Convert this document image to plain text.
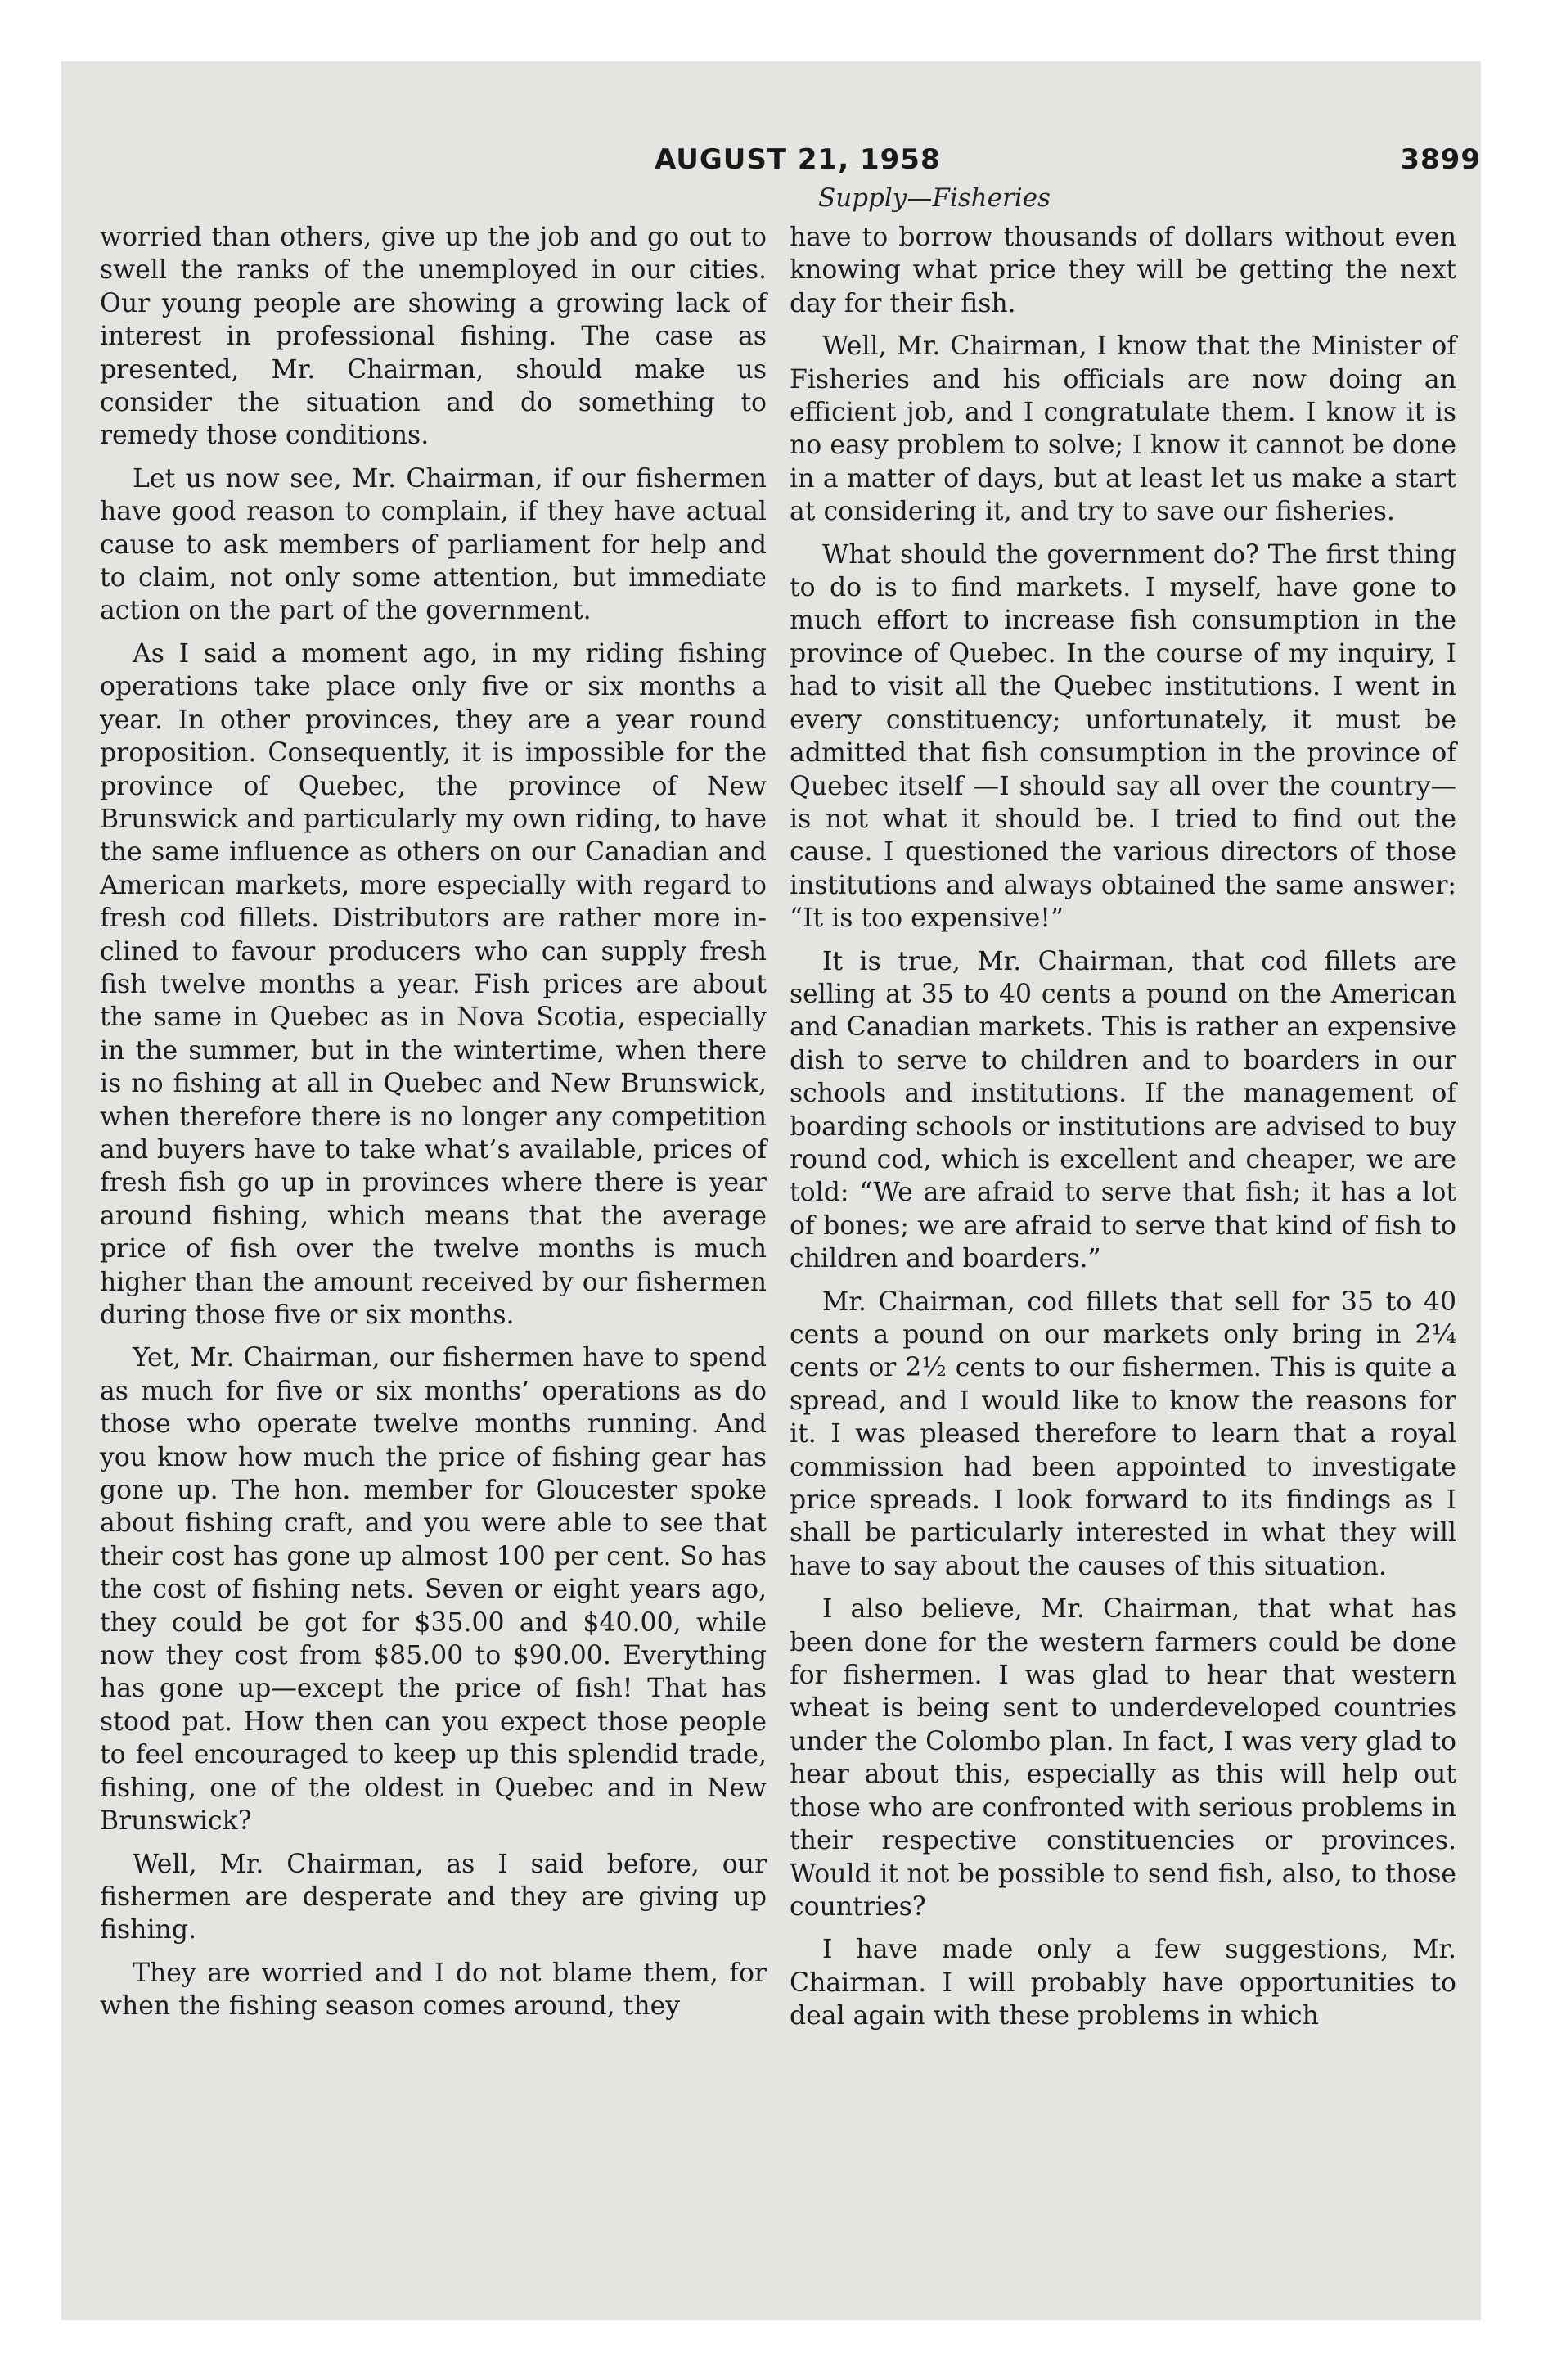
AUGUST 21, 1958	3899
Supply—Fisheries

worried than others, give up the job and go out to swell the ranks of the unemployed in our cities. Our young people are showing a growing lack of interest in professional fishing. The case as presented, Mr. Chairman, should make us consider the situation and do something to remedy those conditions.

Let us now see, Mr. Chairman, if our fishermen have good reason to complain, if they have actual cause to ask members of parliament for help and to claim, not only some attention, but immediate action on the part of the government.

As I said a moment ago, in my riding fishing operations take place only five or six months a year. In other provinces, they are a year round proposition. Consequently, it is impossible for the province of Quebec, the province of New Brunswick and particularly my own riding, to have the same influence as others on our Canadian and American markets, more especially with regard to fresh cod fillets. Distributors are rather more inclined to favour producers who can supply fresh fish twelve months a year. Fish prices are about the same in Quebec as in Nova Scotia, especially in the summer, but in the wintertime, when there is no fishing at all in Quebec and New Brunswick, when therefore there is no longer any competition and buyers have to take what’s available, prices of fresh fish go up in provinces where there is year around fishing, which means that the average price of fish over the twelve months is much higher than the amount received by our fishermen during those five or six months.

Yet, Mr. Chairman, our fishermen have to spend as much for five or six months’ operations as do those who operate twelve months running. And you know how much the price of fishing gear has gone up. The hon. member for Gloucester spoke about fishing craft, and you were able to see that their cost has gone up almost 100 per cent. So has the cost of fishing nets. Seven or eight years ago, they could be got for $35.00 and $40.00, while now they cost from $85.00 to $90.00. Everything has gone up—except the price of fish! That has stood pat. How then can you expect those people to feel encouraged to keep up this splendid trade, fishing, one of the oldest in Quebec and in New Brunswick?

Well, Mr. Chairman, as I said before, our fishermen are desperate and they are giving up fishing.

They are worried and I do not blame them, for when the fishing season comes around, they

have to borrow thousands of dollars without even knowing what price they will be getting the next day for their fish.

Well, Mr. Chairman, I know that the Minister of Fisheries and his officials are now doing an efficient job, and I congratulate them. I know it is no easy problem to solve; I know it cannot be done in a matter of days, but at least let us make a start at considering it, and try to save our fisheries.

What should the government do? The first thing to do is to find markets. I myself, have gone to much effort to increase fish consumption in the province of Quebec. In the course of my inquiry, I had to visit all the Quebec institutions. I went in every constituency; unfortunately, it must be admitted that fish consumption in the province of Quebec itself —I should say all over the country—is not what it should be. I tried to find out the cause. I questioned the various directors of those institutions and always obtained the same answer: “It is too expensive!”

It is true, Mr. Chairman, that cod fillets are selling at 35 to 40 cents a pound on the American and Canadian markets. This is rather an expensive dish to serve to children and to boarders in our schools and institutions. If the management of boarding schools or institutions are advised to buy round cod, which is excellent and cheaper, we are told: “We are afraid to serve that fish; it has a lot of bones; we are afraid to serve that kind of fish to children and boarders.”

Mr. Chairman, cod fillets that sell for 35 to 40 cents a pound on our markets only bring in 2¼ cents or 2½ cents to our fishermen. This is quite a spread, and I would like to know the reasons for it. I was pleased therefore to learn that a royal commission had been appointed to investigate price spreads. I look forward to its findings as I shall be particularly interested in what they will have to say about the causes of this situation.

I also believe, Mr. Chairman, that what has been done for the western farmers could be done for fishermen. I was glad to hear that western wheat is being sent to underdeveloped countries under the Colombo plan. In fact, I was very glad to hear about this, especially as this will help out those who are confronted with serious problems in their respective constituencies or provinces. Would it not be possible to send fish, also, to those countries?

I have made only a few suggestions, Mr. Chairman. I will probably have opportunities to deal again with these problems in which
